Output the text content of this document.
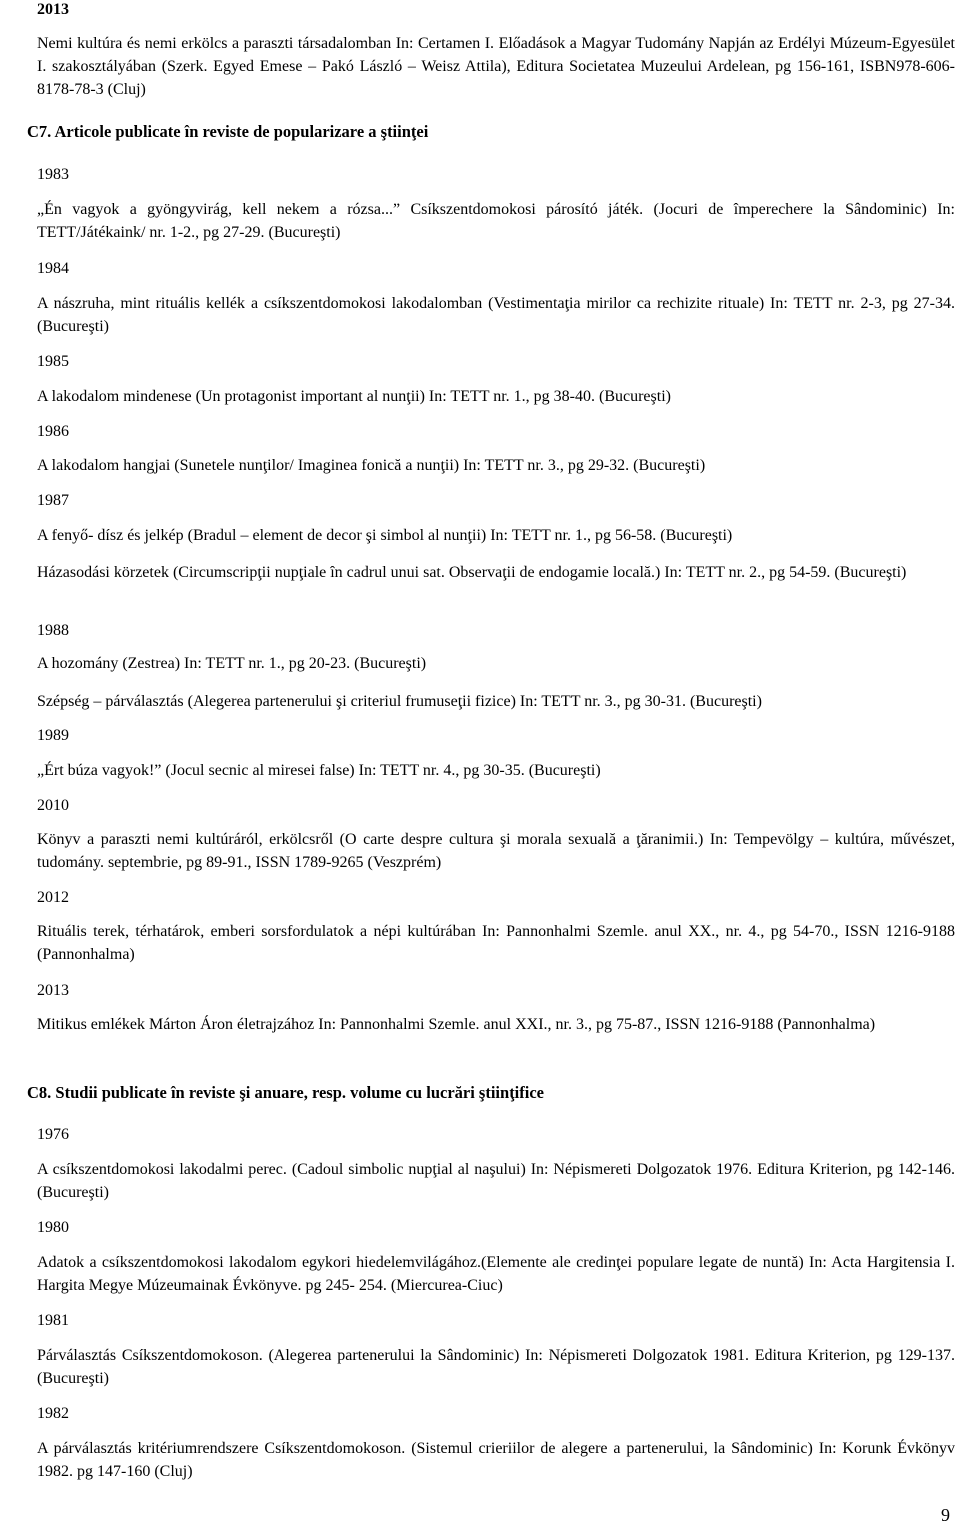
2013
Nemi kultúra és nemi erkölcs a paraszti társadalomban In: Certamen I. Előadások a Magyar Tudomány Napján az Erdélyi Múzeum-Egyesület I. szakosztályában (Szerk. Egyed Emese – Pakó László – Weisz Attila), Editura Societatea Muzeului Ardelean, pg 156-161, ISBN978-606-8178-78-3 (Cluj)
C7. Articole publicate în reviste de popularizare a ştiinţei
1983
„Én vagyok a gyöngyvirág, kell nekem a rózsa...” Csíkszentdomokosi párosító játék. (Jocuri de împerechere la Sândominic) In: TETT/Játékaink/ nr. 1-2., pg 27-29. (Bucureşti)
1984
A nászruha, mint rituális kellék a csíkszentdomokosi lakodalomban (Vestimentaţia mirilor ca rechizite rituale) In: TETT nr. 2-3, pg 27-34. (Bucureşti)
1985
A lakodalom mindenese (Un protagonist important al nunţii) In: TETT nr. 1., pg 38-40. (Bucureşti)
1986
A lakodalom hangjai (Sunetele nunţilor/ Imaginea fonică a nunţii) In: TETT nr. 3., pg 29-32. (Bucureşti)
1987
A fenyő- dísz és jelkép (Bradul – element de decor şi simbol al nunţii) In: TETT nr. 1., pg 56-58. (Bucureşti)
Házasodási körzetek (Circumscripţii nupţiale în cadrul unui sat. Observaţii de endogamie locală.) In: TETT nr. 2., pg 54-59. (Bucureşti)
1988
A hozomány (Zestrea) In: TETT nr. 1., pg 20-23. (Bucureşti)
Szépség – párválasztás (Alegerea partenerului şi criteriul frumuseţii fizice) In: TETT nr. 3., pg 30-31. (Bucureşti)
1989
„Ért búza vagyok!” (Jocul secnic al miresei false) In: TETT nr. 4., pg 30-35. (Bucureşti)
2010
Könyv a paraszti nemi kultúráról, erkölcsről (O carte despre cultura şi morala sexuală a ţăranimii.) In: Tempevölgy – kultúra, művészet, tudomány. septembrie, pg 89-91., ISSN 1789-9265 (Veszprém)
2012
Rituális terek, térhatárok, emberi sorsfordulatok a népi kultúrában In: Pannonhalmi Szemle. anul XX., nr. 4., pg 54-70., ISSN 1216-9188 (Pannonhalma)
2013
Mitikus emlékek Márton Áron életrajzához In: Pannonhalmi Szemle. anul XXI., nr. 3., pg 75-87., ISSN 1216-9188 (Pannonhalma)
C8. Studii publicate în reviste şi anuare, resp. volume cu lucrări ştiinţifice
1976
A csíkszentdomokosi lakodalmi perec. (Cadoul simbolic nupţial al naşului) In: Népismereti Dolgozatok 1976. Editura Kriterion, pg 142-146. (Bucureşti)
1980
Adatok a csíkszentdomokosi lakodalom egykori hiedelemvilágához.(Elemente ale credinţei populare legate de nuntă) In: Acta Hargitensia I. Hargita Megye Múzeumainak Évkönyve. pg 245- 254. (Miercurea-Ciuc)
1981
Párválasztás Csíkszentdomokoson. (Alegerea partenerului la Sândominic) In: Népismereti Dolgozatok 1981. Editura Kriterion, pg 129-137. (Bucureşti)
1982
A párválasztás kritériumrendszere Csíkszentdomokoson. (Sistemul crieriilor de alegere a partenerului, la Sândominic) In: Korunk Évkönyv 1982. pg 147-160 (Cluj)
9
